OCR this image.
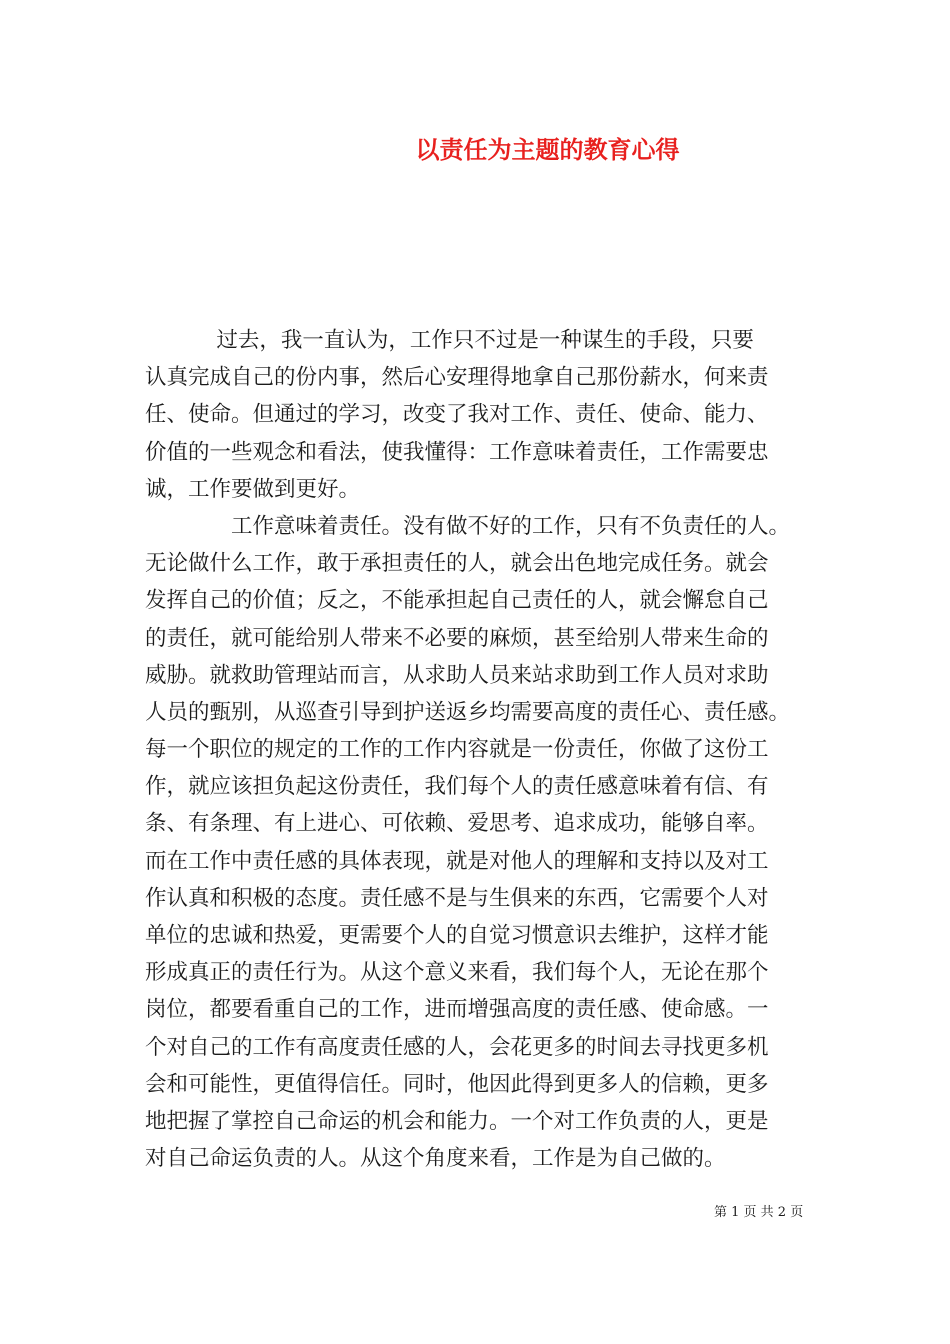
以责任为主题的教育心得

　　　 过去，我一直认为，工作只不过是一种谋生的手段，只要

认真完成自己的份内事，然后心安理得地拿自己那份薪水，何来责

任、使命。但通过的学习，改变了我对工作、责任、使命、能力、

价值的一些观念和看法，使我懂得：工作意味着责任，工作需要忠

诚，工作要做到更好。

　　　　工作意味着责任。没有做不好的工作，只有不负责任的人。

无论做什么工作，敢于承担责任的人，就会出色地完成任务。就会

发挥自己的价值；反之，不能承担起自己责任的人，就会懈怠自己

的责任，就可能给别人带来不必要的麻烦，甚至给别人带来生命的

威胁。就救助管理站而言，从求助人员来站求助到工作人员对求助

人员的甄别，从巡查引导到护送返乡均需要高度的责任心、责任感。

每一个职位的规定的工作的工作内容就是一份责任，你做了这份工

作，就应该担负起这份责任，我们每个人的责任感意味着有信、有

条、有条理、有上进心、可依赖、爱思考、追求成功，能够自率。

而在工作中责任感的具体表现，就是对他人的理解和支持以及对工

作认真和积极的态度。责任感不是与生俱来的东西，它需要个人对

单位的忠诚和热爱，更需要个人的自觉习惯意识去维护，这样才能

形成真正的责任行为。从这个意义来看，我们每个人，无论在那个

岗位，都要看重自己的工作，进而增强高度的责任感、使命感。一

个对自己的工作有高度责任感的人，会花更多的时间去寻找更多机

会和可能性，更值得信任。同时，他因此得到更多人的信赖，更多

地把握了掌控自己命运的机会和能力。一个对工作负责的人，更是

对自己命运负责的人。从这个角度来看，工作是为自己做的。

第 1 页 共 2 页
